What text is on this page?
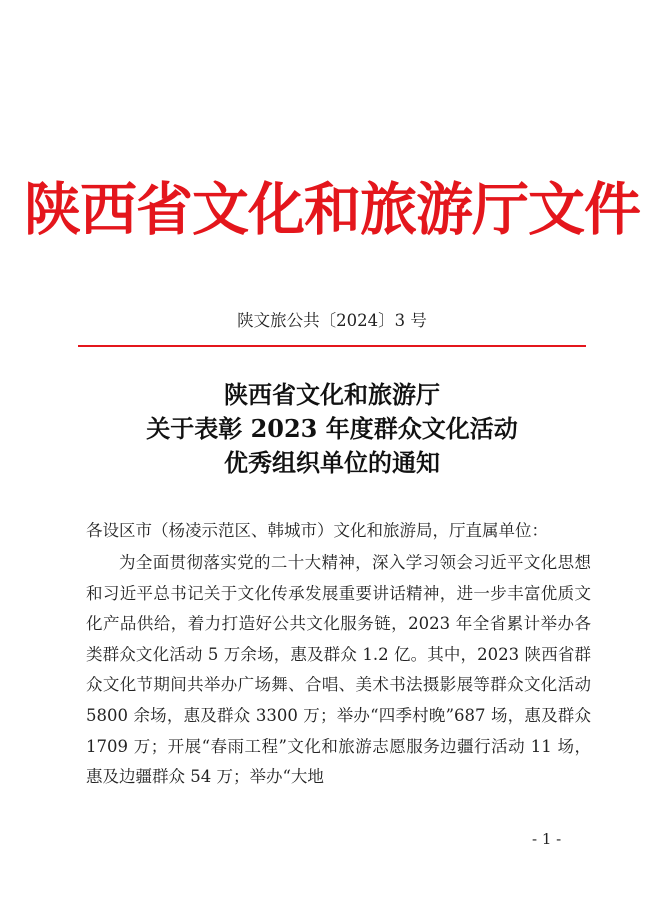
陕西省文化和旅游厅文件
陕文旅公共〔2024〕3 号
陕西省文化和旅游厅
关于表彰 2023 年度群众文化活动
优秀组织单位的通知
各设区市（杨凌示范区、韩城市）文化和旅游局，厅直属单位：
为全面贯彻落实党的二十大精神，深入学习领会习近平文化思想和习近平总书记关于文化传承发展重要讲话精神，进一步丰富优质文化产品供给，着力打造好公共文化服务链，2023 年全省累计举办各类群众文化活动 5 万余场，惠及群众 1.2 亿。其中，2023 陕西省群众文化节期间共举办广场舞、合唱、美术书法摄影展等群众文化活动 5800 余场，惠及群众 3300 万；举办“四季村晚”687 场，惠及群众 1709 万；开展“春雨工程”文化和旅游志愿服务边疆行活动 11 场，惠及边疆群众 54 万；举办“大地
- 1 -
